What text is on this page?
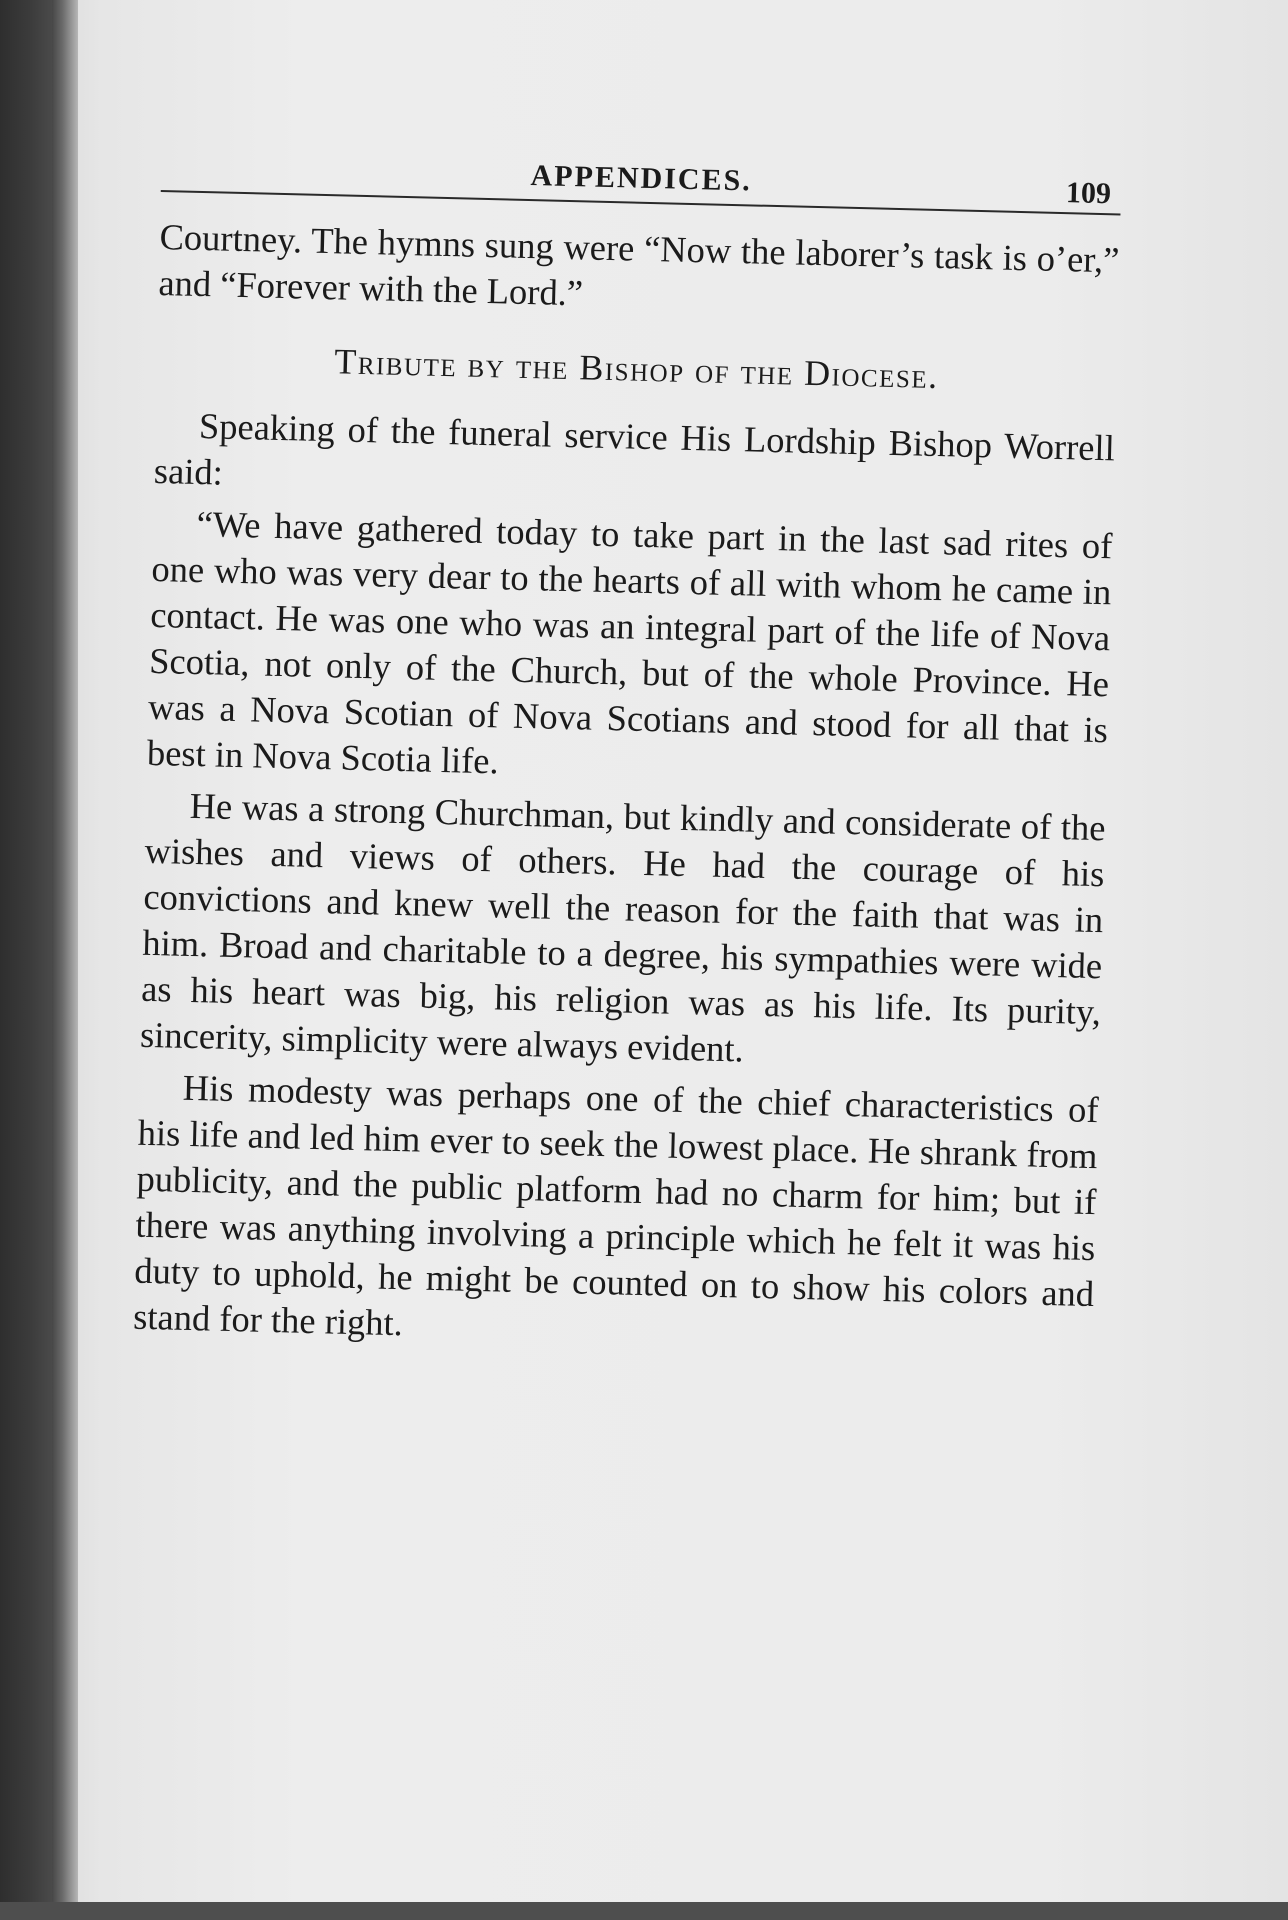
APPENDICES.	109

Courtney. The hymns sung were “Now the laborer’s task is o’er,” and “Forever with the Lord.”

Tribute by the Bishop of the Diocese.

Speaking of the funeral service His Lordship Bishop Worrell said:

“We have gathered today to take part in the last sad rites of one who was very dear to the hearts of all with whom he came in contact. He was one who was an integral part of the life of Nova Scotia, not only of the Church, but of the whole Province. He was a Nova Scotian of Nova Scotians and stood for all that is best in Nova Scotia life.

He was a strong Churchman, but kindly and considerate of the wishes and views of others. He had the courage of his convictions and knew well the reason for the faith that was in him. Broad and charitable to a degree, his sympathies were wide as his heart was big, his religion was as his life. Its purity, sincerity, simplicity were always evident.

His modesty was perhaps one of the chief characteristics of his life and led him ever to seek the lowest place. He shrank from publicity, and the public platform had no charm for him; but if there was anything involving a principle which he felt it was his duty to uphold, he might be counted on to show his colors and stand for the right.
